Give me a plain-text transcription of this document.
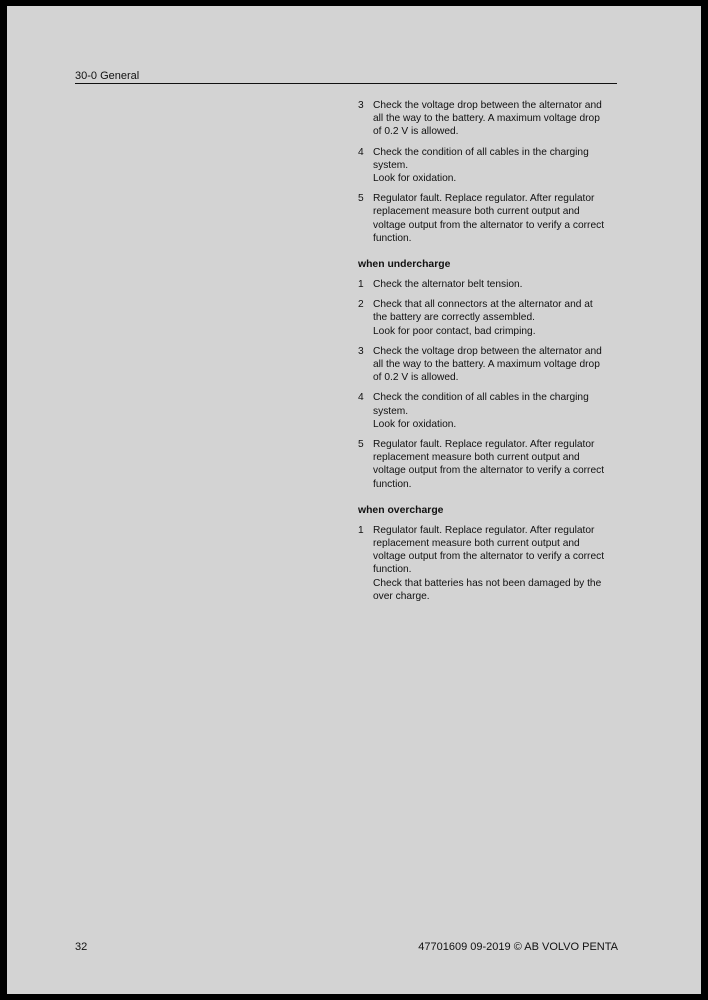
30-0 General
3 Check the voltage drop between the alternator and
all the way to the battery. A maximum voltage drop
of 0.2 V is allowed.
4 Check the condition of all cables in the charging
system.
Look for oxidation.
5 Regulator fault. Replace regulator. After regulator
replacement measure both current output and
voltage output from the alternator to verify a correct
function.
when undercharge
1 Check the alternator belt tension.
2 Check that all connectors at the alternator and at
the battery are correctly assembled.
Look for poor contact, bad crimping.
3 Check the voltage drop between the alternator and
all the way to the battery. A maximum voltage drop
of 0.2 V is allowed.
4 Check the condition of all cables in the charging
system.
Look for oxidation.
5 Regulator fault. Replace regulator. After regulator
replacement measure both current output and
voltage output from the alternator to verify a correct
function.
when overcharge
1 Regulator fault. Replace regulator. After regulator
replacement measure both current output and
voltage output from the alternator to verify a correct
function.
Check that batteries has not been damaged by the
over charge.
32	47701609 09-2019 © AB VOLVO PENTA
